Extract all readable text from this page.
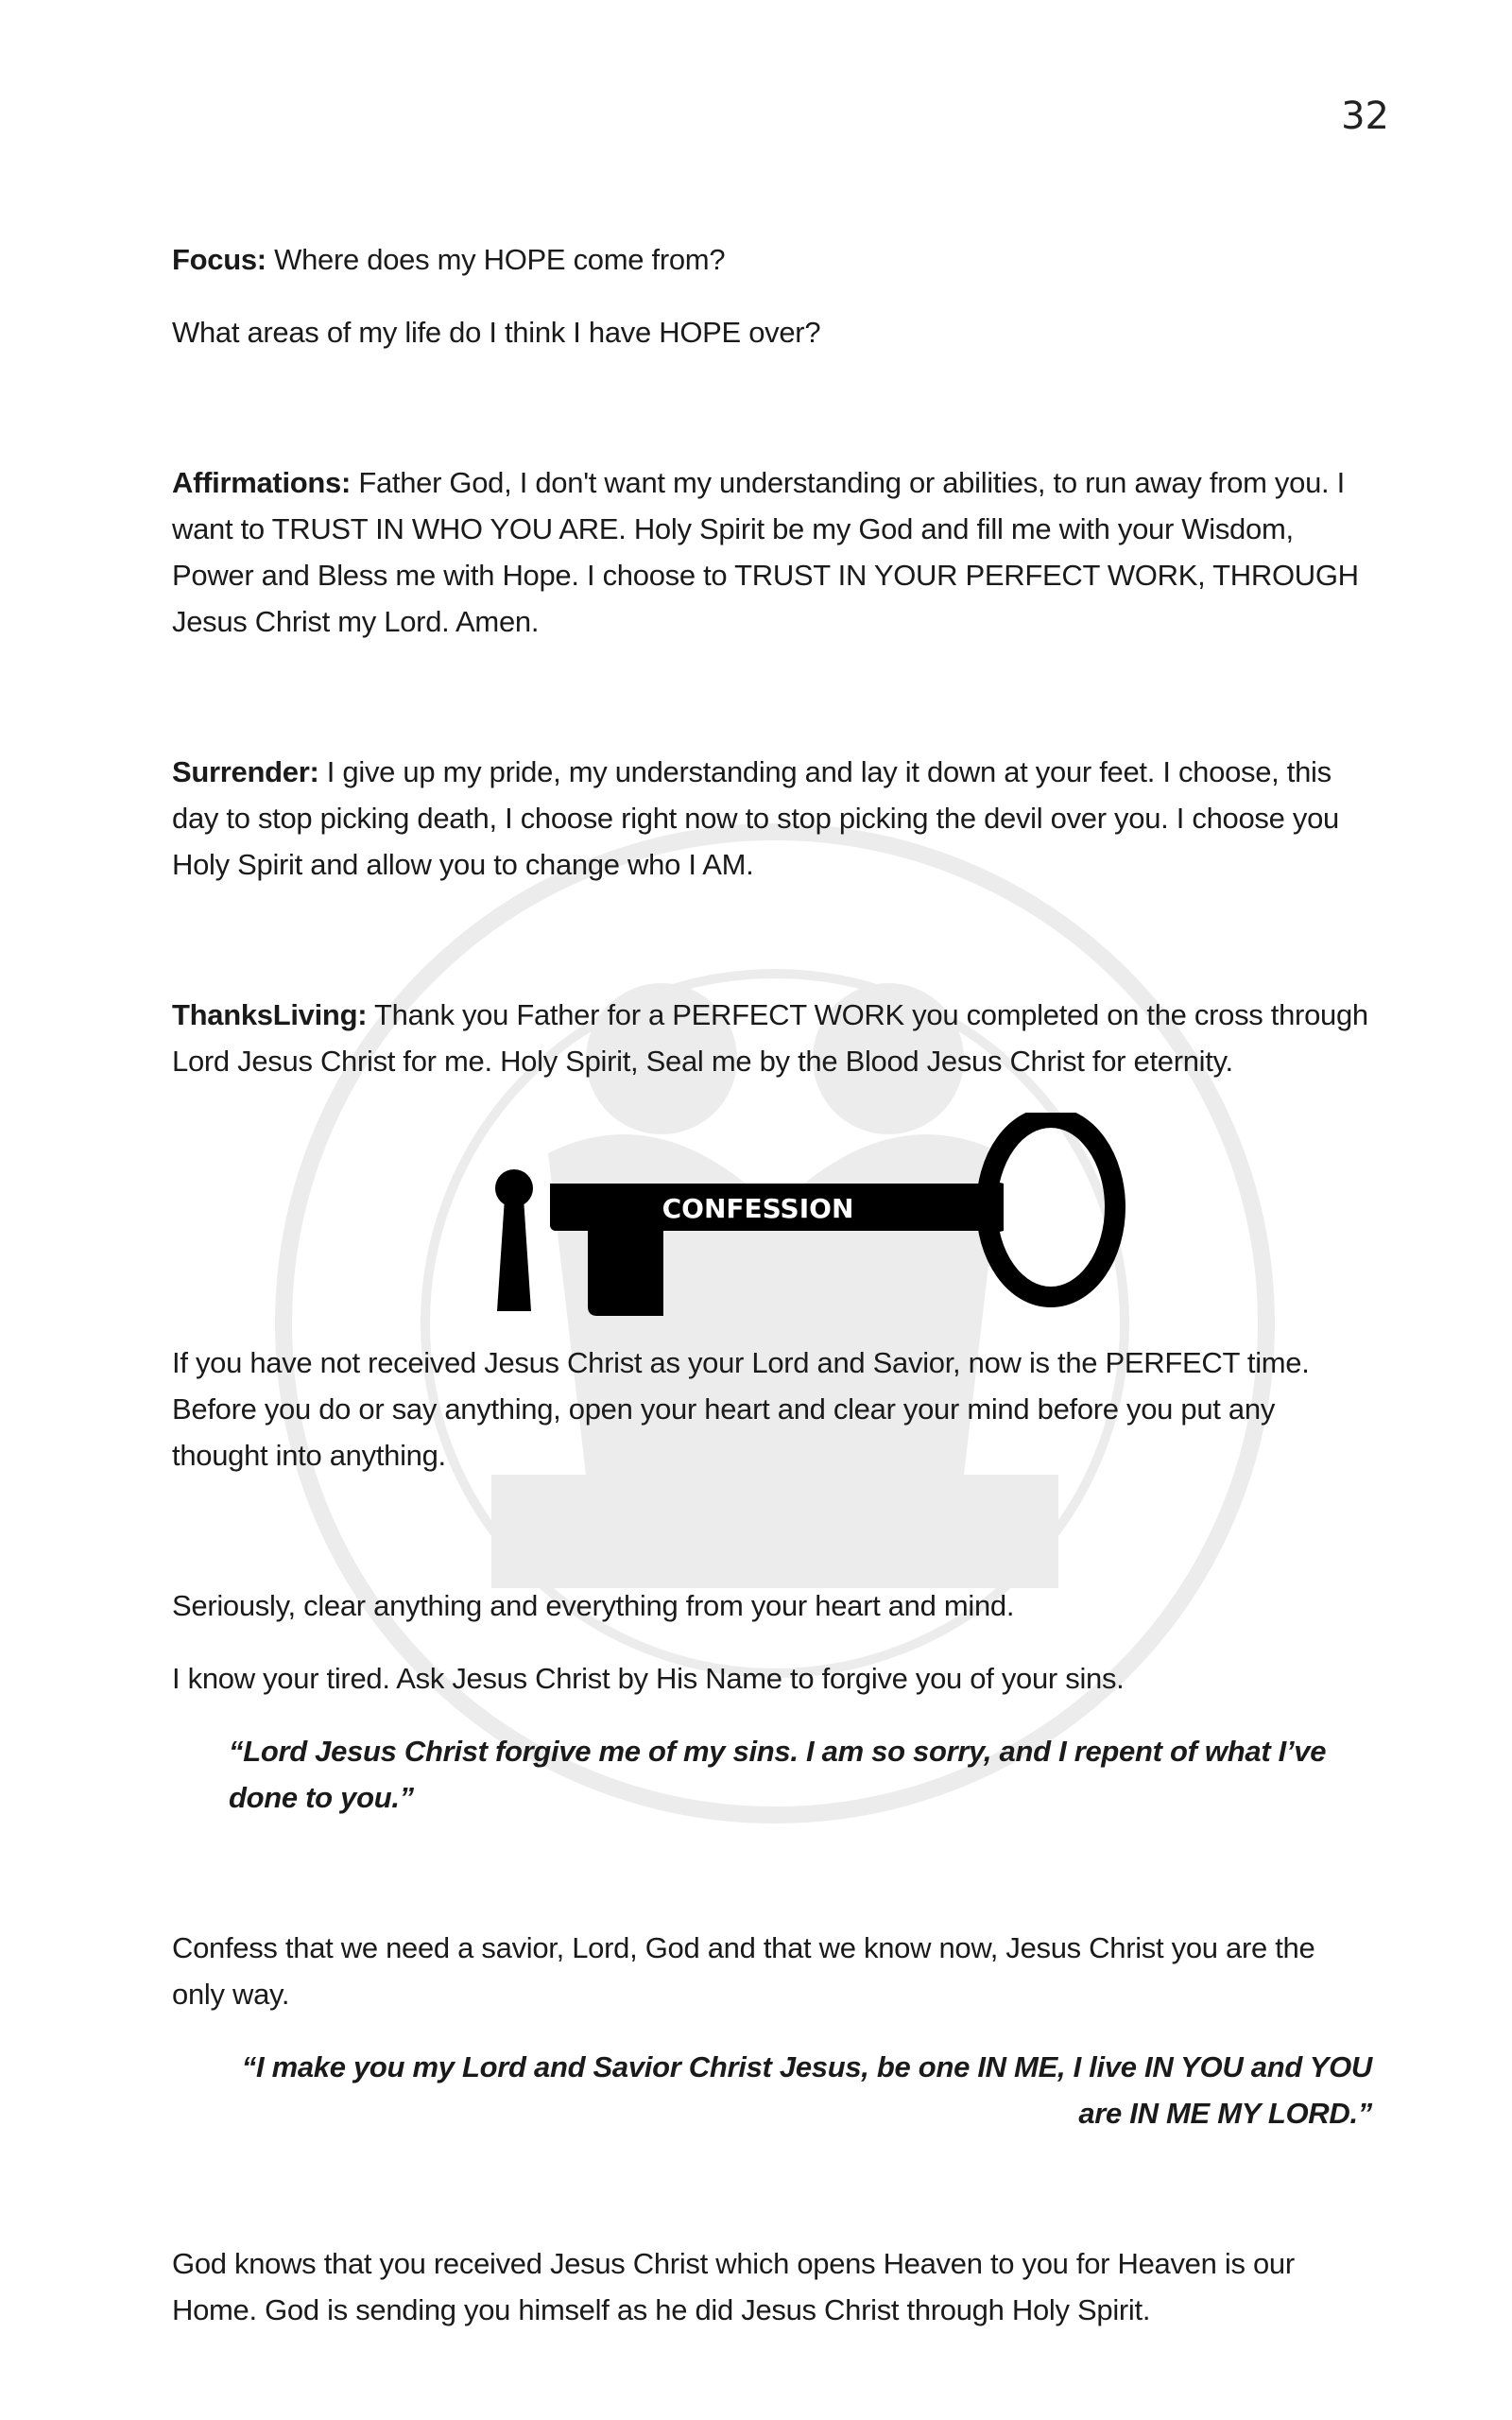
32

Focus: Where does my HOPE come from?

What areas of my life do I think I have HOPE over?

Affirmations: Father God, I don't want my understanding or abilities, to run away from you. I want to TRUST IN WHO YOU ARE. Holy Spirit be my God and fill me with your Wisdom, Power and Bless me with Hope. I choose to TRUST IN YOUR PERFECT WORK, THROUGH Jesus Christ my Lord. Amen.

Surrender: I give up my pride, my understanding and lay it down at your feet. I choose, this day to stop picking death, I choose right now to stop picking the devil over you. I choose you Holy Spirit and allow you to change who I AM.

ThanksLiving: Thank you Father for a PERFECT WORK you completed on the cross through Lord Jesus Christ for me. Holy Spirit, Seal me by the Blood Jesus Christ for eternity.

CONFESSION

If you have not received Jesus Christ as your Lord and Savior, now is the PERFECT time. Before you do or say anything, open your heart and clear your mind before you put any thought into anything.

Seriously, clear anything and everything from your heart and mind.

I know your tired. Ask Jesus Christ by His Name to forgive you of your sins.

“Lord Jesus Christ forgive me of my sins. I am so sorry, and I repent of what I’ve done to you.”

Confess that we need a savior, Lord, God and that we know now, Jesus Christ you are the only way.

“I make you my Lord and Savior Christ Jesus, be one IN ME, I live IN YOU and YOU are IN ME MY LORD.”

God knows that you received Jesus Christ which opens Heaven to you for Heaven is our Home. God is sending you himself as he did Jesus Christ through Holy Spirit.
